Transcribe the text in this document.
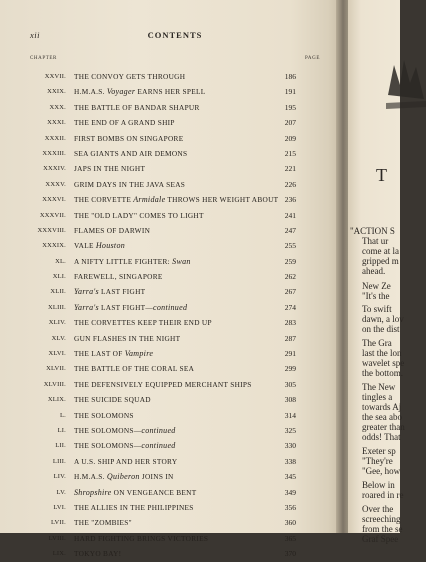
xii	CONTENTS
CHAPTER	PAGE
XXVII. THE CONVOY GETS THROUGH	186
XXIX. H.M.A.S. Voyager EARNS HER SPELL	191
XXX. THE BATTLE OF BANDAR SHAPUR	195
XXXI. THE END OF A GRAND SHIP	207
XXXII. FIRST BOMBS ON SINGAPORE	209
XXXIII. SEA GIANTS AND AIR DEMONS	215
XXXIV. JAPS IN THE NIGHT	221
XXXV. GRIM DAYS IN THE JAVA SEAS	226
XXXVI. THE CORVETTE Armidale THROWS HER WEIGHT ABOUT 236
XXXVII. THE "OLD LADY" COMES TO LIGHT	241
XXXVIII. FLAMES OF DARWIN	247
XXXIX. VALE Houston	255
XL. A NIFTY LITTLE FIGHTER: Swan	259
XLI. FAREWELL, SINGAPORE	262
XLII. Yarra's LAST FIGHT	267
XLIII. Yarra's LAST FIGHT—continued	274
XLIV. THE CORVETTES KEEP THEIR END UP	283
XLV. GUN FLASHES IN THE NIGHT	287
XLVI. THE LAST OF Vampire	291
XLVII. THE BATTLE OF THE CORAL SEA	299
XLVIII. THE DEFENSIVELY EQUIPPED MERCHANT SHIPS	305
XLIX. THE SUICIDE SQUAD	308
L. THE SOLOMONS	314
LI. THE SOLOMONS—continued	325
LII. THE SOLOMONS—continued	330
LIII. A U.S. SHIP AND HER STORY	338
LIV. H.M.A.S. Quiberon JOINS IN	345
LV. Shropshire ON VENGEANCE BENT	349
LVI. THE ALLIES IN THE PHILIPPINES	356
LVII. THE "ZOMBIES"	360
LVIII. HARD FIGHTING BRINGS VICTORIES	365
LIX. TOKYO BAY!	370
T
"ACTION S
That ur
come at la
gripped m
ahead.
New Ze
"It's the
To swift
dawn, a lov
on the dist
The Gra
last the lon
wavelet spe
the bottom.
The New
tingles a
towards Aj
the sea abo
greater than
odds! That
Exeter sp
"They're
"Gee, how
Below in
roared in re
Over the
screeching
from the se
Graf Spee
